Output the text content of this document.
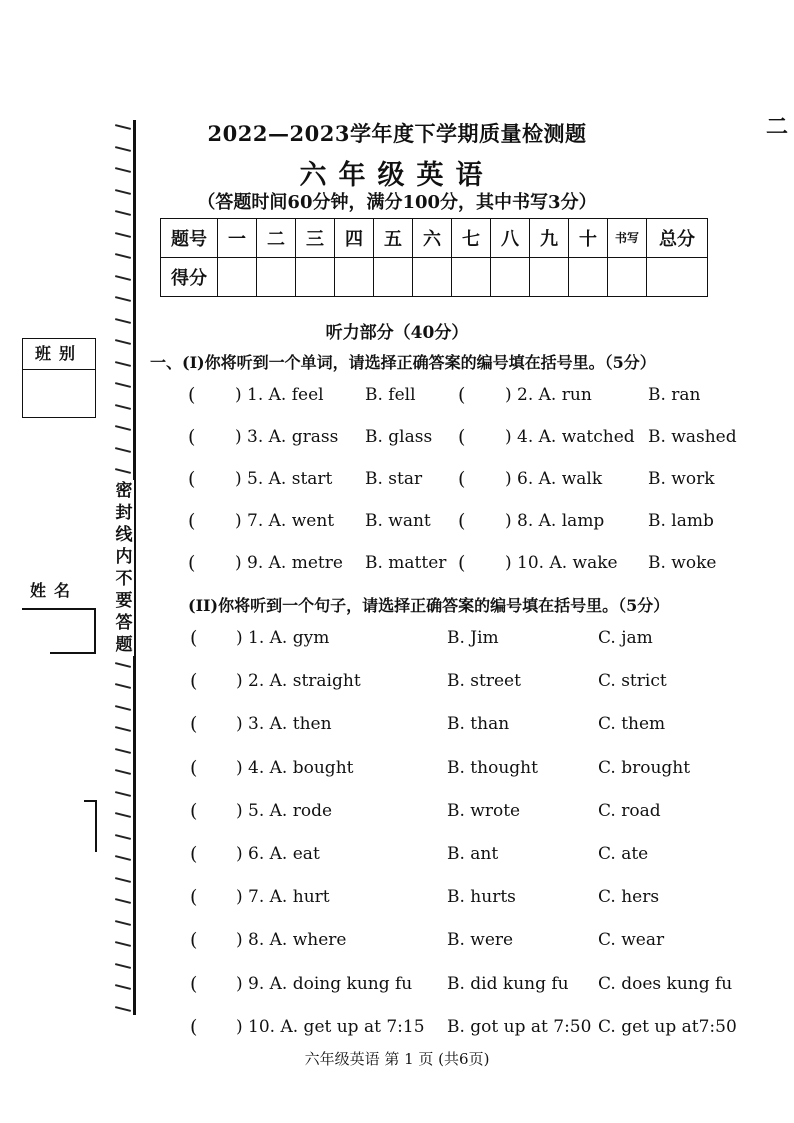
二
2022—2023学年度下学期质量检测题
六年级英语
（答题时间60分钟，满分100分，其中书写3分）
题号	一	二	三	四	五	六	七	八	九	十	书写	总分
得分												
密封线内不要答题
班别
姓名
听力部分（40分）
一、(I)你将听到一个单词，请选择正确答案的编号填在括号里。（5分）
( ) 1. A. feel B. fell ( ) 2. A. run	B. ran
( ) 3. A. grass B. glass ( ) 4. A. watched B. washed
( ) 5. A. start B. star ( ) 6. A. walk	B. work
( ) 7. A. went B. want ( ) 8. A. lamp	B. lamb
( ) 9. A. metre B. matter ( ) 10. A. wake B. woke
(II)你将听到一个句子，请选择正确答案的编号填在括号里。（5分）
( ) 1. A. gym	B. Jim	C. jam
( ) 2. A. straight	B. street	C. strict
( ) 3. A. then	B. than	C. them
( ) 4. A. bought	B. thought	C. brought
( ) 5. A. rode	B. wrote	C. road
( ) 6. A. eat	B. ant	C. ate
( ) 7. A. hurt	B. hurts	C. hers
( ) 8. A. where	B. were	C. wear
( ) 9. A. doing kung fu B. did kung fu C. does kung fu
( ) 10. A. get up at 7:15 B. got up at 7:50 C. get up at7:50
六年级英语 第 1 页 (共6页)
